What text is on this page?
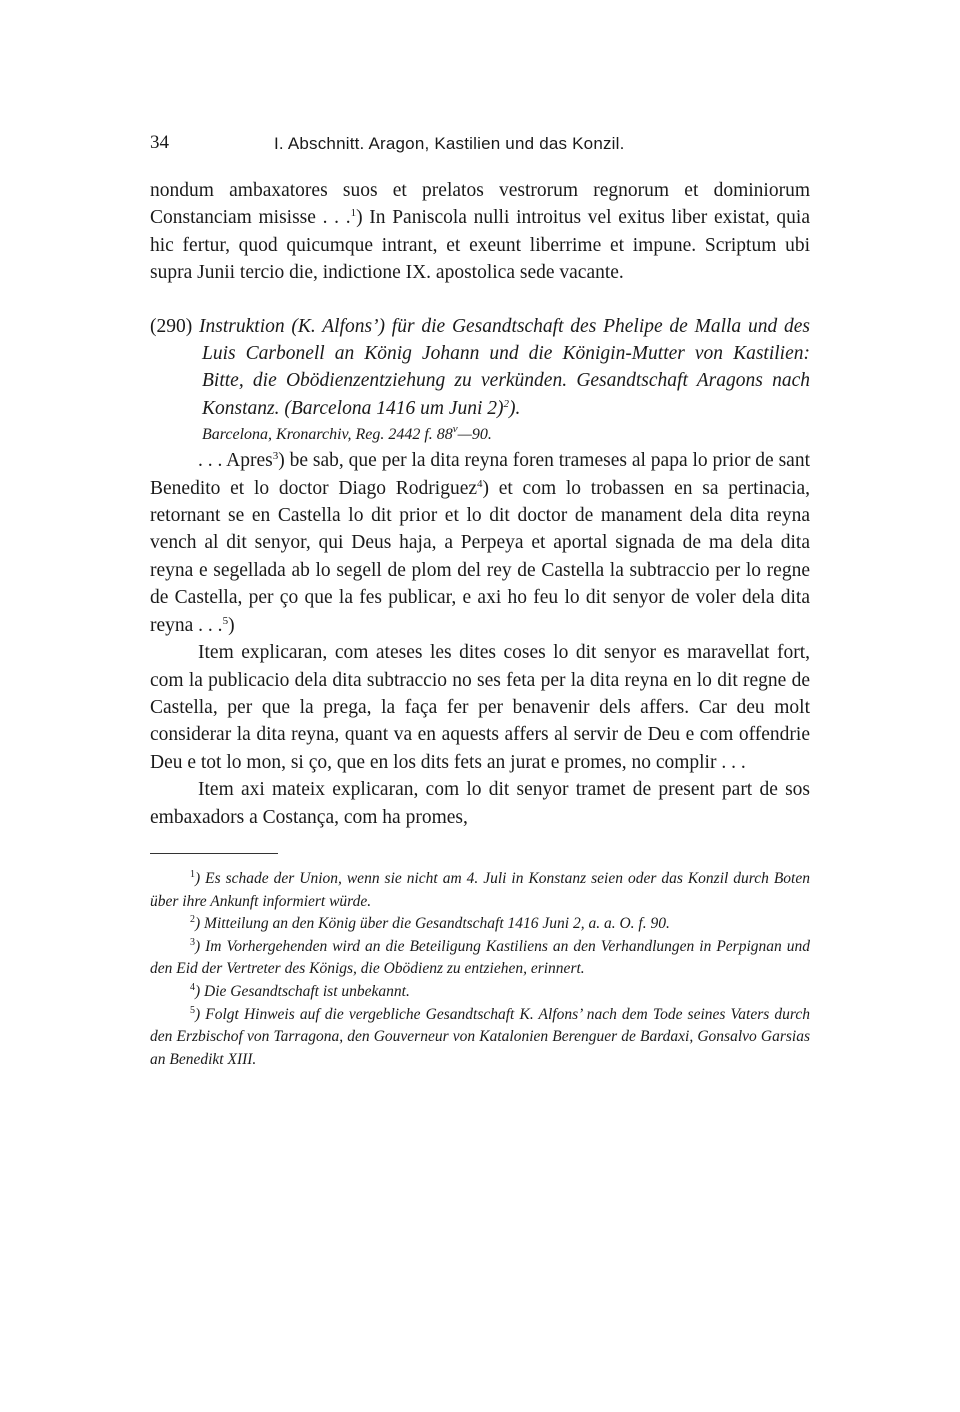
34	I. Abschnitt. Aragon, Kastilien und das Konzil.

nondum ambaxatores suos et prelatos vestrorum regnorum et dominiorum Constanciam misisse . . .$^1$) In Paniscola nulli introitus vel exitus liber existat, quia hic fertur, quod quicumque intrant, et exeunt liberrime et impune. Scriptum ubi supra Junii tercio die, indictione IX. apostolica sede vacante.

(290) Instruktion (K. Alfons’) für die Gesandtschaft des Phelipe de Malla und des Luis Carbonell an König Johann und die Königin-Mutter von Kastilien: Bitte, die Obödienzentziehung zu verkünden. Gesandtschaft Aragons nach Konstanz. (Barcelona 1416 um Juni 2)$^2$).

Barcelona, Kronarchiv, Reg. 2442 f. 88$^v$—90.

. . . Apres$^3$) be sab, que per la dita reyna foren trameses al papa lo prior de sant Benedito et lo doctor Diago Rodriguez$^4$) et com lo trobassen en sa pertinacia, retornant se en Castella lo dit prior et lo dit doctor de manament dela dita reyna vench al dit senyor, qui Deus haja, a Perpeya et aportal signada de ma dela dita reyna e segellada ab lo segell de plom del rey de Castella la subtraccio per lo regne de Castella, per ço que la fes publicar, e axi ho feu lo dit senyor de voler dela dita reyna . . .$^5$)

Item explicaran, com ateses les dites coses lo dit senyor es maravellat fort, com la publicacio dela dita subtraccio no ses feta per la dita reyna en lo dit regne de Castella, per que la prega, la faça fer per benavenir dels affers. Car deu molt considerar la dita reyna, quant va en aquests affers al servir de Deu e com offendrie Deu e tot lo mon, si ço, que en los dits fets an jurat e promes, no complir . . .

Item axi mateix explicaran, com lo dit senyor tramet de present part de sos embaxadors a Costança, com ha promes,

$^1$) Es schade der Union, wenn sie nicht am 4. Juli in Konstanz seien oder das Konzil durch Boten über ihre Ankunft informiert würde.

$^2$) Mitteilung an den König über die Gesandtschaft 1416 Juni 2, a. a. O. f. 90.

$^3$) Im Vorhergehenden wird an die Beteiligung Kastiliens an den Verhandlungen in Perpignan und den Eid der Vertreter des Königs, die Obödienz zu entziehen, erinnert.

$^4$) Die Gesandtschaft ist unbekannt.

$^5$) Folgt Hinweis auf die vergebliche Gesandtschaft K. Alfons’ nach dem Tode seines Vaters durch den Erzbischof von Tarragona, den Gouverneur von Katalonien Berenguer de Bardaxi, Gonsalvo Garsias an Benedikt XIII.
